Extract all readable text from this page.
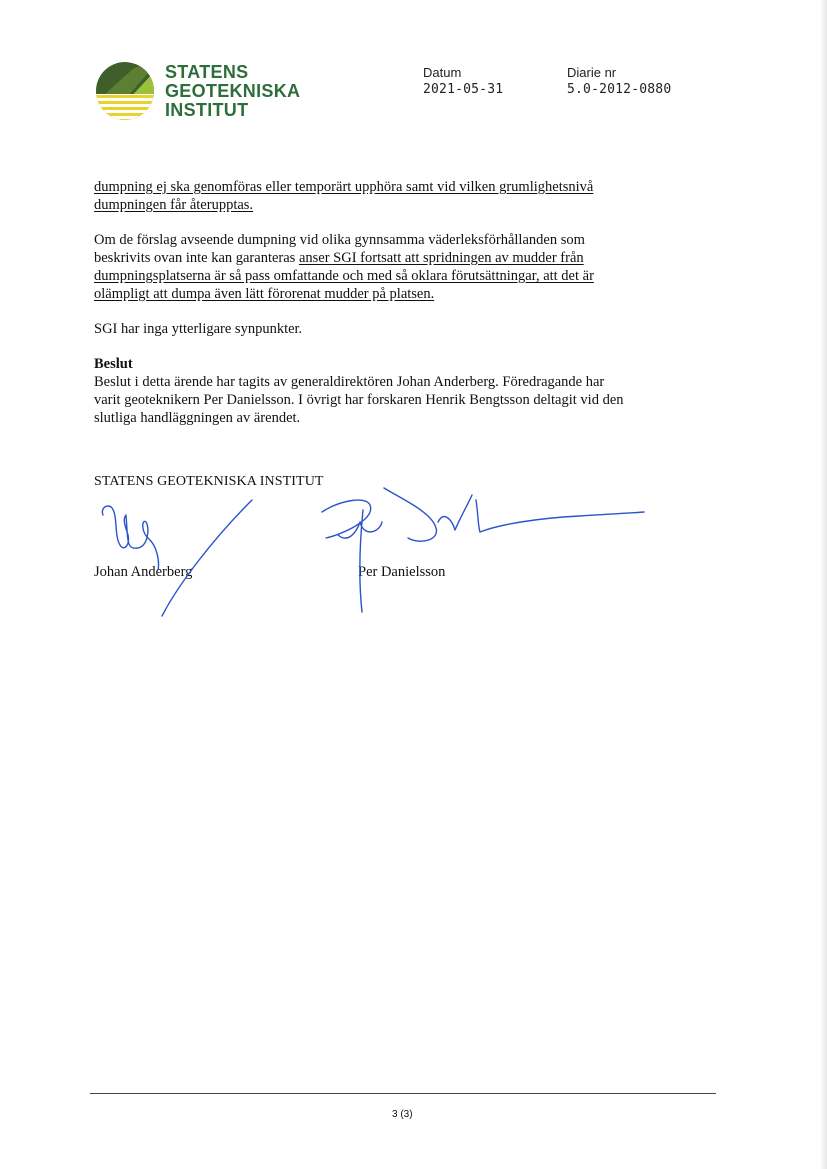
STATENS
GEOTEKNISKA
INSTITUT
Datum
2021-05-31
Diarie nr
5.0-2012-0880

dumpning ej ska genomföras eller temporärt upphöra samt vid vilken grumlighetsnivå
dumpningen får återupptas.

Om de förslag avseende dumpning vid olika gynnsamma väderleksförhållanden som
beskrivits ovan inte kan garanteras anser SGI fortsatt att spridningen av mudder från
dumpningsplatserna är så pass omfattande och med så oklara förutsättningar, att det är
olämpligt att dumpa även lätt förorenat mudder på platsen.

SGI har inga ytterligare synpunkter.

Beslut

Beslut i detta ärende har tagits av generaldirektören Johan Anderberg. Föredragande har
varit geoteknikern Per Danielsson. I övrigt har forskaren Henrik Bengtsson deltagit vid den
slutliga handläggningen av ärendet.

STATENS GEOTEKNISKA INSTITUT
Johan Anderberg	Per Danielsson
3 (3)
